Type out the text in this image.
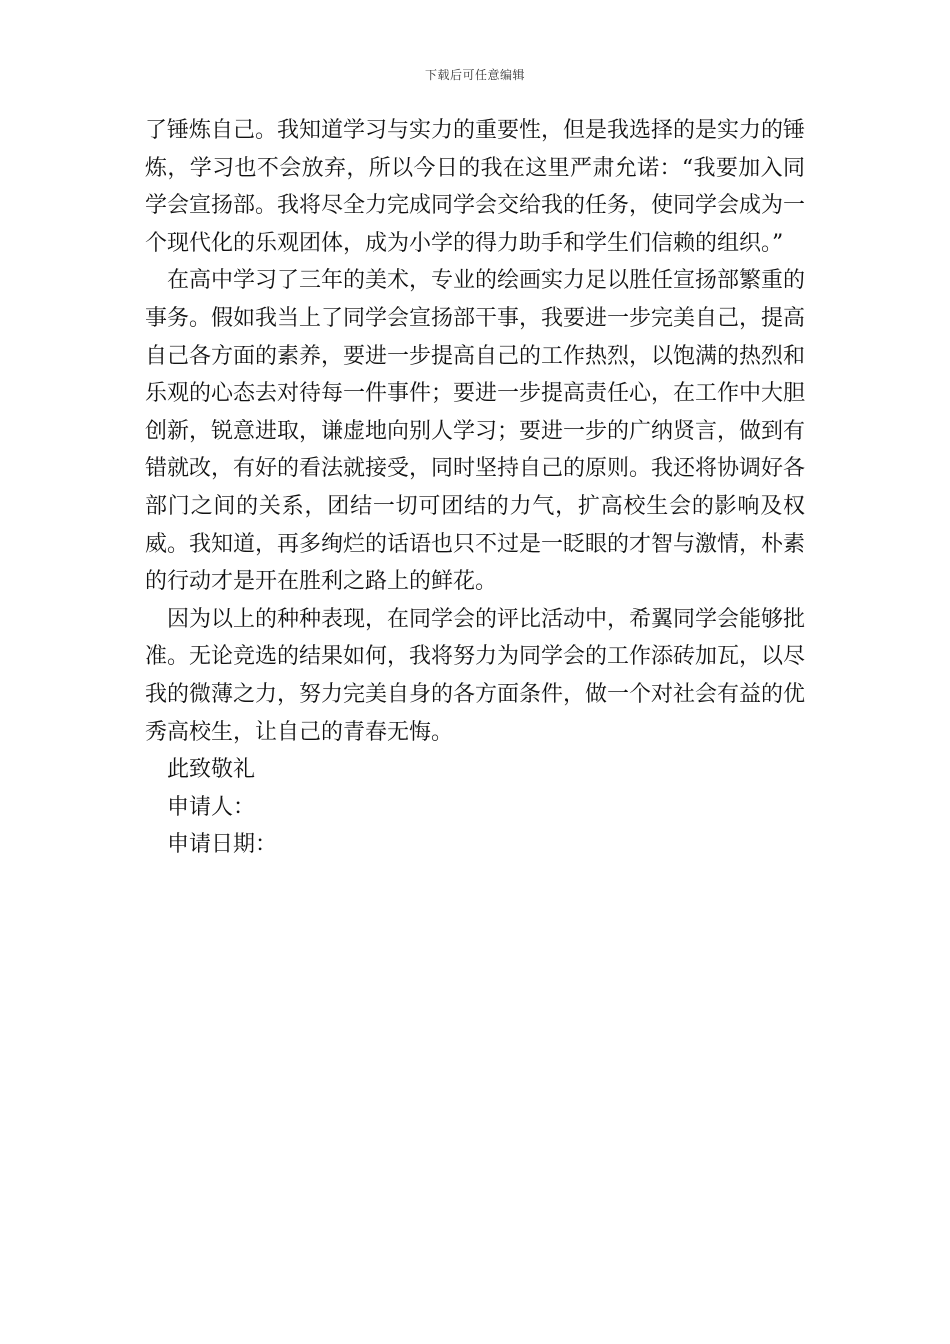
下载后可任意编辑

了锤炼自己。我知道学习与实力的重要性，但是我选择的是实力的锤炼，学习也不会放弃，所以今日的我在这里严肃允诺：“我要加入同学会宣扬部。我将尽全力完成同学会交给我的任务，使同学会成为一个现代化的乐观团体，成为小学的得力助手和学生们信赖的组织。”

在高中学习了三年的美术，专业的绘画实力足以胜任宣扬部繁重的事务。假如我当上了同学会宣扬部干事，我要进一步完美自己，提高自己各方面的素养，要进一步提高自己的工作热烈，以饱满的热烈和乐观的心态去对待每一件事件；要进一步提高责任心，在工作中大胆创新，锐意进取，谦虚地向别人学习；要进一步的广纳贤言，做到有错就改，有好的看法就接受，同时坚持自己的原则。我还将协调好各部门之间的关系，团结一切可团结的力气，扩高校生会的影响及权威。我知道，再多绚烂的话语也只不过是一眨眼的才智与激情，朴素的行动才是开在胜利之路上的鲜花。

因为以上的种种表现，在同学会的评比活动中，希翼同学会能够批准。无论竞选的结果如何，我将努力为同学会的工作添砖加瓦，以尽我的微薄之力，努力完美自身的各方面条件，做一个对社会有益的优秀高校生，让自己的青春无悔。

此致敬礼

申请人：

申请日期：
